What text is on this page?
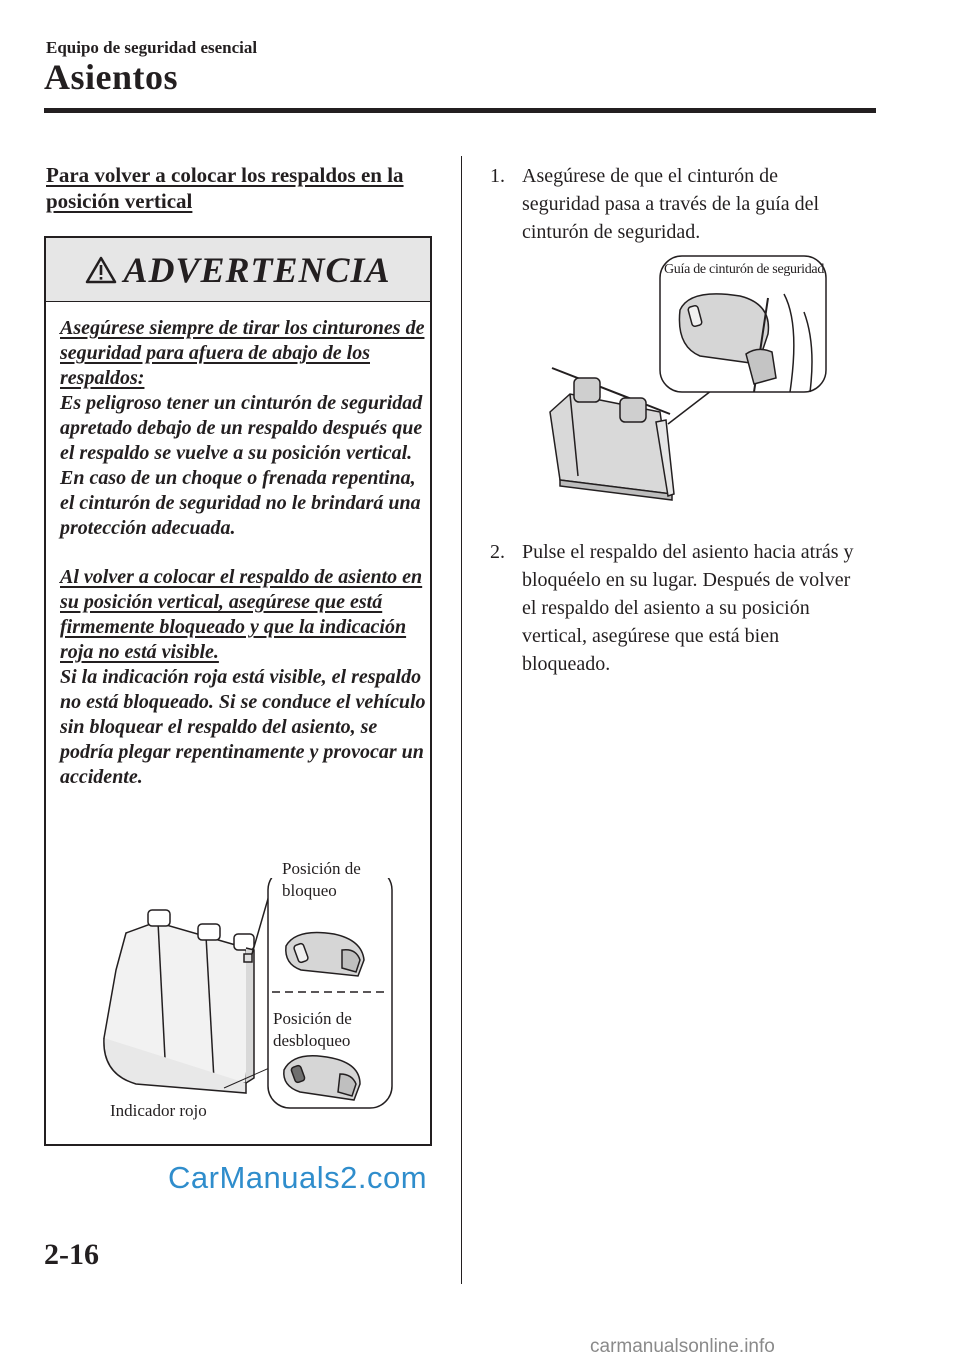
Equipo de seguridad esencial
Asientos
Para volver a colocar los respaldos en la posición vertical
ADVERTENCIA

Asegúrese siempre de tirar los cinturones de seguridad para afuera de abajo de los respaldos:
Es peligroso tener un cinturón de seguridad apretado debajo de un respaldo después que el respaldo se vuelve a su posición vertical. En caso de un choque o frenada repentina, el cinturón de seguridad no le brindará una protección adecuada.

Al volver a colocar el respaldo de asiento en su posición vertical, asegúrese que está firmemente bloqueado y que la indicación roja no está visible.
Si la indicación roja está visible, el respaldo no está bloqueado. Si se conduce el vehículo sin bloquear el respaldo del asiento, se podría plegar repentinamente y provocar un accidente.

Posición de
bloqueo
Posición de
desbloqueo
Indicador rojo
1. Asegúrese de que el cinturón de seguridad pasa a través de la guía del cinturón de seguridad.
Guía de cinturón de seguridad
2. Pulse el respaldo del asiento hacia atrás y bloquéelo en su lugar. Después de volver el respaldo del asiento a su posición vertical, asegúrese que está bien bloqueado.
CarManuals2.com
2-16
carmanualsonline.info
